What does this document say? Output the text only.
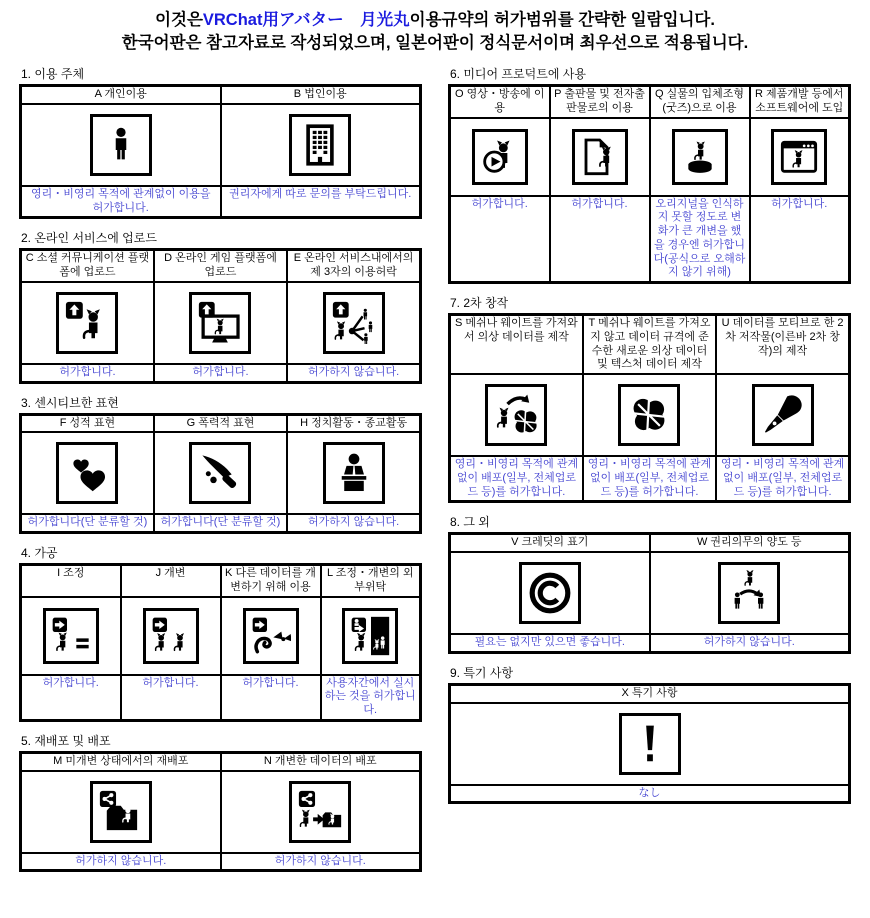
이것은VRChat用アバター　月光丸이용규약의 허가범위를 간략한 일람입니다.
한국어판은 참고자료로 작성되었으며, 일본어판이 정식문서이며 최우선으로 적용됩니다.
1. 이용 주체
A 개인이용	B 법인이용

영리・비영리 목적에 관계없이 이용을 허가합니다.	권리자에게 따로 문의를 부탁드립니다.
2. 온라인 서비스에 업로드
C 소셜 커뮤니케이션 플랫폼에 업로드	D 온라인 게임 플랫폼에 업로드	E 온라인 서비스내에서의 제 3자의 이용허락

허가합니다.	허가합니다.	허가하지 않습니다.
3. 센시티브한 표현
F 성적 표현	G 폭력적 표현	H 정치활동・종교활동

허가합니다(단 분류할 것)	허가합니다(단 분류할 것)	허가하지 않습니다.
4. 가공
I 조정	J 개변	K 다른 데이터를 개변하기 위해 이용	L 조정・개변의 외부위탁

허가합니다.	허가합니다.	허가합니다.	사용자간에서 실시하는 것을 허가합니다.
5. 재배포 및 배포
M 미개변 상태에서의 재배포	N 개변한 데이터의 배포

허가하지 않습니다.	허가하지 않습니다.
6. 미디어 프로덕트에 사용
O 영상・방송에 이용	P 출판물 및 전자출판물로의 이용	Q 실물의 입체조형(굿즈)으로 이용	R 제품개발 등에서 소프트웨어에 도입

허가합니다.	허가합니다.	오리지널을 인식하지 못할 정도로 변화가 큰 개변을 했을 경우엔 허가합니다(공식으로 오해하지 않기 위해)	허가합니다.
7. 2차 창작
S 메쉬나 웨이트를 가져와서 의상 데이터를 제작	T 메쉬나 웨이트를 가져오지 않고 데이터 규격에 준수한 새로운 의상 데이터 및 텍스처 데이터 제작	U 데이터를 모티브로 한 2차 저작물(이른바 2차 창작)의 제작

영리・비영리 목적에 관계없이 배포(일부, 전체업로드 등)를 허가합니다.	영리・비영리 목적에 관계없이 배포(일부, 전체업로드 등)를 허가합니다.	영리・비영리 목적에 관계없이 배포(일부, 전체업로드 등)를 허가합니다.
8. 그 외
V 크레딧의 표기	W 권리의무의 양도 등

필요는 없지만 있으면 좋습니다.	허가하지 않습니다.
9. 특기 사항
X 특기 사항

なし
